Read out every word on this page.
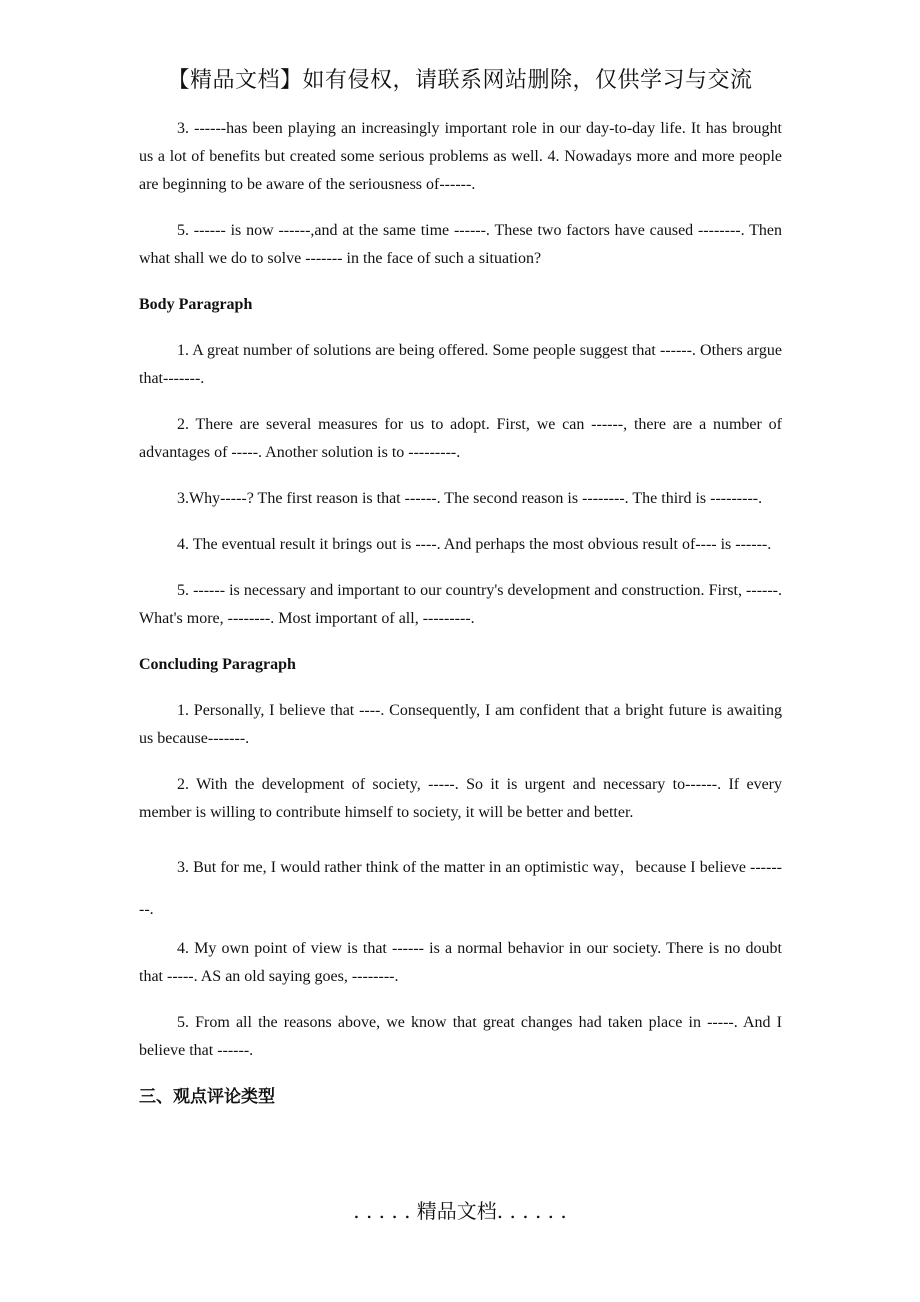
【精品文档】如有侵权，请联系网站删除，仅供学习与交流

3. ------has been playing an increasingly important role in our day-to-day life. It has brought us a lot of benefits but created some serious problems as well. 4. Nowadays more and more people are beginning to be aware of the seriousness of------.

5. ------ is now ------,and at the same time ------. These two factors have caused --------. Then what shall we do to solve ------- in the face of such a situation?

Body Paragraph

1. A great number of solutions are being offered. Some people suggest that ------. Others argue that-------.

2. There are several measures for us to adopt. First, we can ------, there are a number of advantages of -----. Another solution is to ---------.

3.Why-----? The first reason is that ------. The second reason is --------. The third is ---------.

4. The eventual result it brings out is ----. And perhaps the most obvious result of---- is ------.

5. ------ is necessary and important to our country's development and construction. First, ------. What's more, --------. Most important of all, ---------.

Concluding Paragraph

1. Personally, I believe that ----. Consequently, I am confident that a bright future is awaiting us because-------.

2. With the development of society, -----. So it is urgent and necessary to------. If every member is willing to contribute himself to society, it will be better and better.

3. But for me, I would rather think of the matter in an optimistic way，because I believe --------.

4. My own point of view is that ------ is a normal behavior in our society. There is no doubt that -----. AS an old saying goes, --------.

5. From all the reasons above, we know that great changes had taken place in -----. And I believe that ------.

三、观点评论类型

. . . . . 精品文档. . . . . .
